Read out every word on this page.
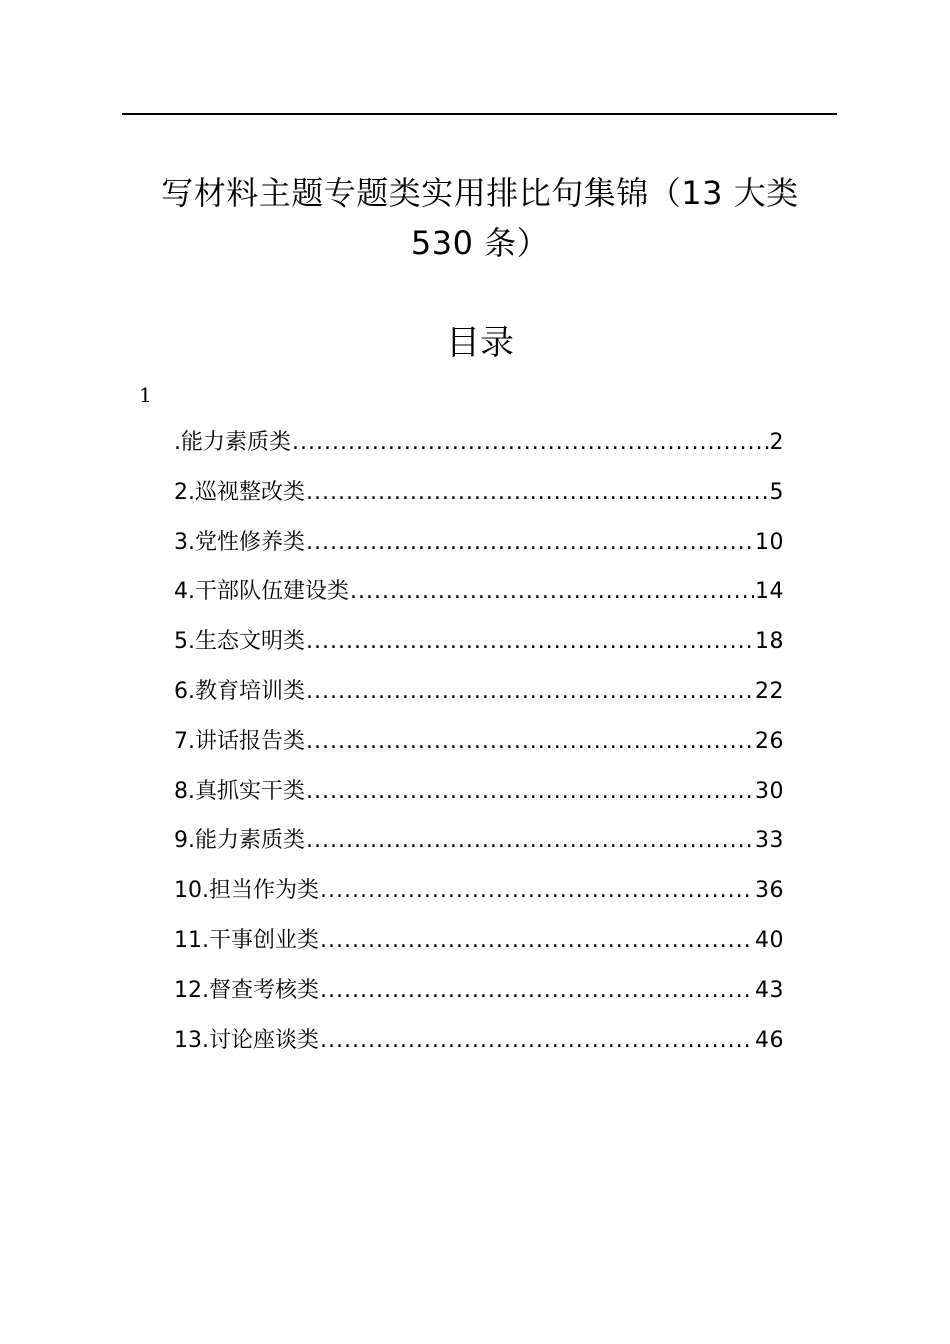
写材料主题专题类实用排比句集锦（13 大类
530 条）
目录
1
.能力素质类 .....	2
2.巡视整改类 .....	5
3.党性修养类 .....	10
4.干部队伍建设类 .....	14
5.生态文明类 .....	18
6.教育培训类 .....	22
7.讲话报告类 .....	26
8.真抓实干类 .....	30
9.能力素质类 .....	33
10.担当作为类 .....	36
11.干事创业类 .....	40
12.督查考核类 .....	43
13.讨论座谈类 .....	46
